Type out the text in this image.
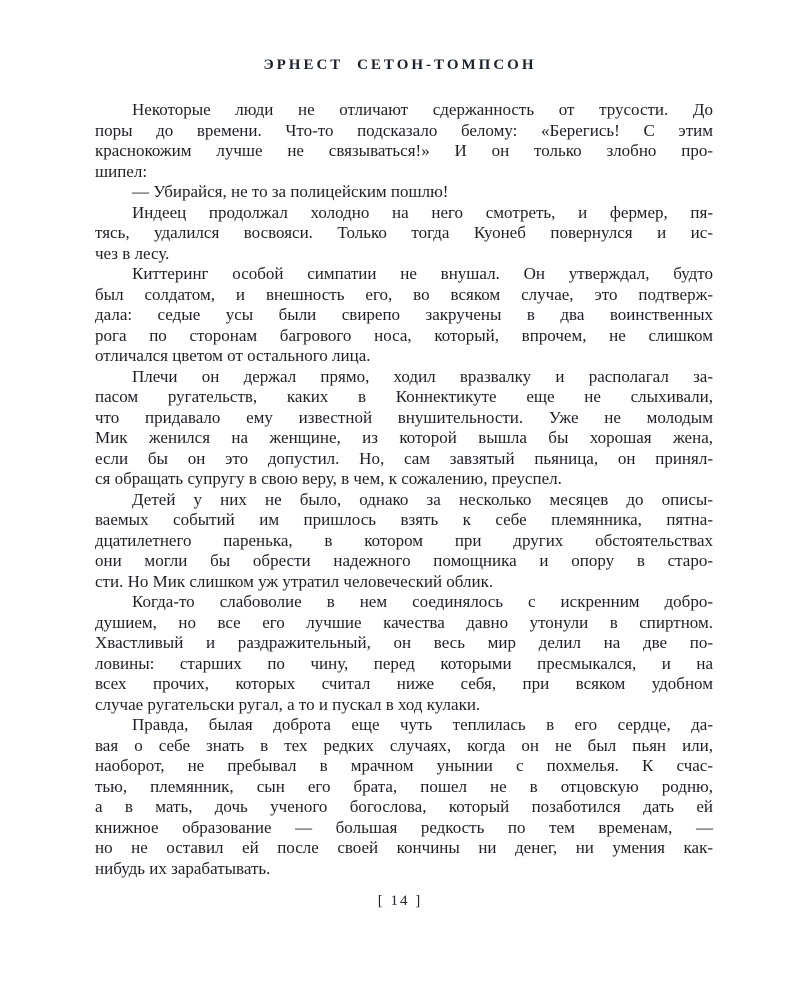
ЭРНЕСТ СЕТОН-ТОМПСОН
Некоторые люди не отличают сдержанность от трусости. До
поры до времени. Что-то подсказало белому: «Берегись! С этим
краснокожим лучше не связываться!» И он только злобно про-
шипел:
— Убирайся, не то за полицейским пошлю!
Индеец продолжал холодно на него смотреть, и фермер, пя-
тясь, удалился восвояси. Только тогда Куонеб повернулся и ис-
чез в лесу.
Киттеринг особой симпатии не внушал. Он утверждал, будто
был солдатом, и внешность его, во всяком случае, это подтверж-
дала: седые усы были свирепо закручены в два воинственных
рога по сторонам багрового носа, который, впрочем, не слишком
отличался цветом от остального лица.
Плечи он держал прямо, ходил вразвалку и располагал за-
пасом ругательств, каких в Коннектикуте еще не слыхивали,
что придавало ему известной внушительности. Уже не молодым
Мик женился на женщине, из которой вышла бы хорошая жена,
если бы он это допустил. Но, сам завзятый пьяница, он принял-
ся обращать супругу в свою веру, в чем, к сожалению, преуспел.
Детей у них не было, однако за несколько месяцев до описы-
ваемых событий им пришлось взять к себе племянника, пятна-
дцатилетнего паренька, в котором при других обстоятельствах
они могли бы обрести надежного помощника и опору в старо-
сти. Но Мик слишком уж утратил человеческий облик.
Когда-то слабоволие в нем соединялось с искренним добро-
душием, но все его лучшие качества давно утонули в спиртном.
Хвастливый и раздражительный, он весь мир делил на две по-
ловины: старших по чину, перед которыми пресмыкался, и на
всех прочих, которых считал ниже себя, при всяком удобном
случае ругательски ругал, а то и пускал в ход кулаки.
Правда, былая доброта еще чуть теплилась в его сердце, да-
вая о себе знать в тех редких случаях, когда он не был пьян или,
наоборот, не пребывал в мрачном унынии с похмелья. К счас-
тью, племянник, сын его брата, пошел не в отцовскую родню,
а в мать, дочь ученого богослова, который позаботился дать ей
книжное образование — большая редкость по тем временам, —
но не оставил ей после своей кончины ни денег, ни умения как-
нибудь их зарабатывать.
[ 14 ]
